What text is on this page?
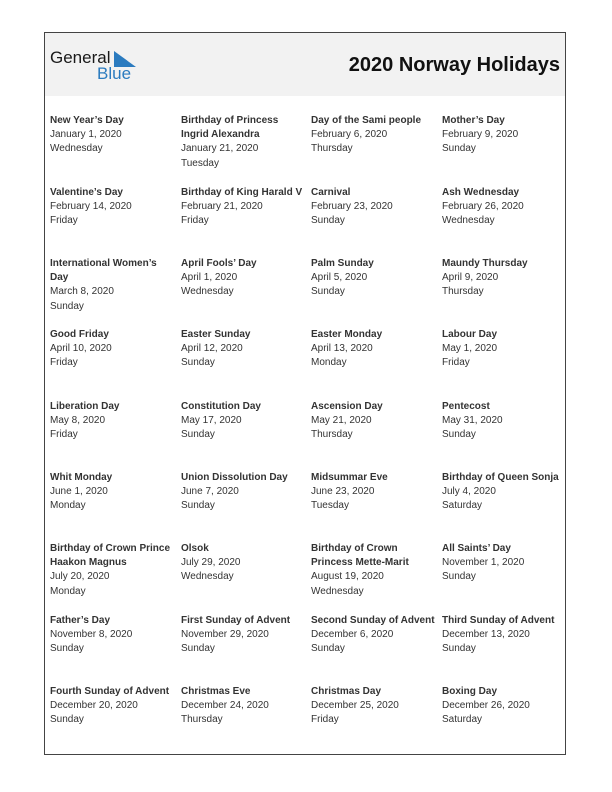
General
Blue	2020 Norway Holidays
New Year’s Day
January 1, 2020
Wednesday
Birthday of Princess Ingrid Alexandra
January 21, 2020
Tuesday
Day of the Sami people
February 6, 2020
Thursday
Mother’s Day
February 9, 2020
Sunday
Valentine’s Day
February 14, 2020
Friday
Birthday of King Harald V
February 21, 2020
Friday
Carnival
February 23, 2020
Sunday
Ash Wednesday
February 26, 2020
Wednesday
International Women’s Day
March 8, 2020
Sunday
April Fools’ Day
April 1, 2020
Wednesday
Palm Sunday
April 5, 2020
Sunday
Maundy Thursday
April 9, 2020
Thursday
Good Friday
April 10, 2020
Friday
Easter Sunday
April 12, 2020
Sunday
Easter Monday
April 13, 2020
Monday
Labour Day
May 1, 2020
Friday
Liberation Day
May 8, 2020
Friday
Constitution Day
May 17, 2020
Sunday
Ascension Day
May 21, 2020
Thursday
Pentecost
May 31, 2020
Sunday
Whit Monday
June 1, 2020
Monday
Union Dissolution Day
June 7, 2020
Sunday
Midsummar Eve
June 23, 2020
Tuesday
Birthday of Queen Sonja
July 4, 2020
Saturday
Birthday of Crown Prince Haakon Magnus
July 20, 2020
Monday
Olsok
July 29, 2020
Wednesday
Birthday of Crown Princess Mette-Marit
August 19, 2020
Wednesday
All Saints’ Day
November 1, 2020
Sunday
Father’s Day
November 8, 2020
Sunday
First Sunday of Advent
November 29, 2020
Sunday
Second Sunday of Advent
December 6, 2020
Sunday
Third Sunday of Advent
December 13, 2020
Sunday
Fourth Sunday of Advent
December 20, 2020
Sunday
Christmas Eve
December 24, 2020
Thursday
Christmas Day
December 25, 2020
Friday
Boxing Day
December 26, 2020
Saturday
